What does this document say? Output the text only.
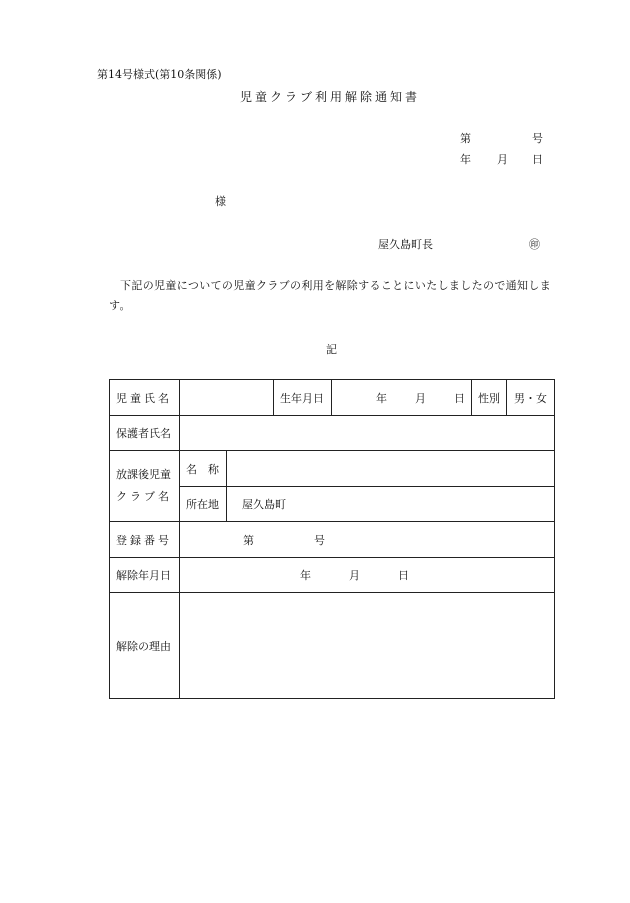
第14号様式(第10条関係)
児童クラブ利用解除通知書
第	号
年 月 日
様
屋久島町長	㊞
下記の児童についての児童クラブの利用を解除することにいたしましたので通知します。
記
児童氏名			生年月日	年 月 日	性別	男・女
保護者氏名						

放課後児童
クラブ名	名　称					
	所在地	屋久島町				
登録番号	第 号					
解除年月日	年 月 日					
解除の理由						
